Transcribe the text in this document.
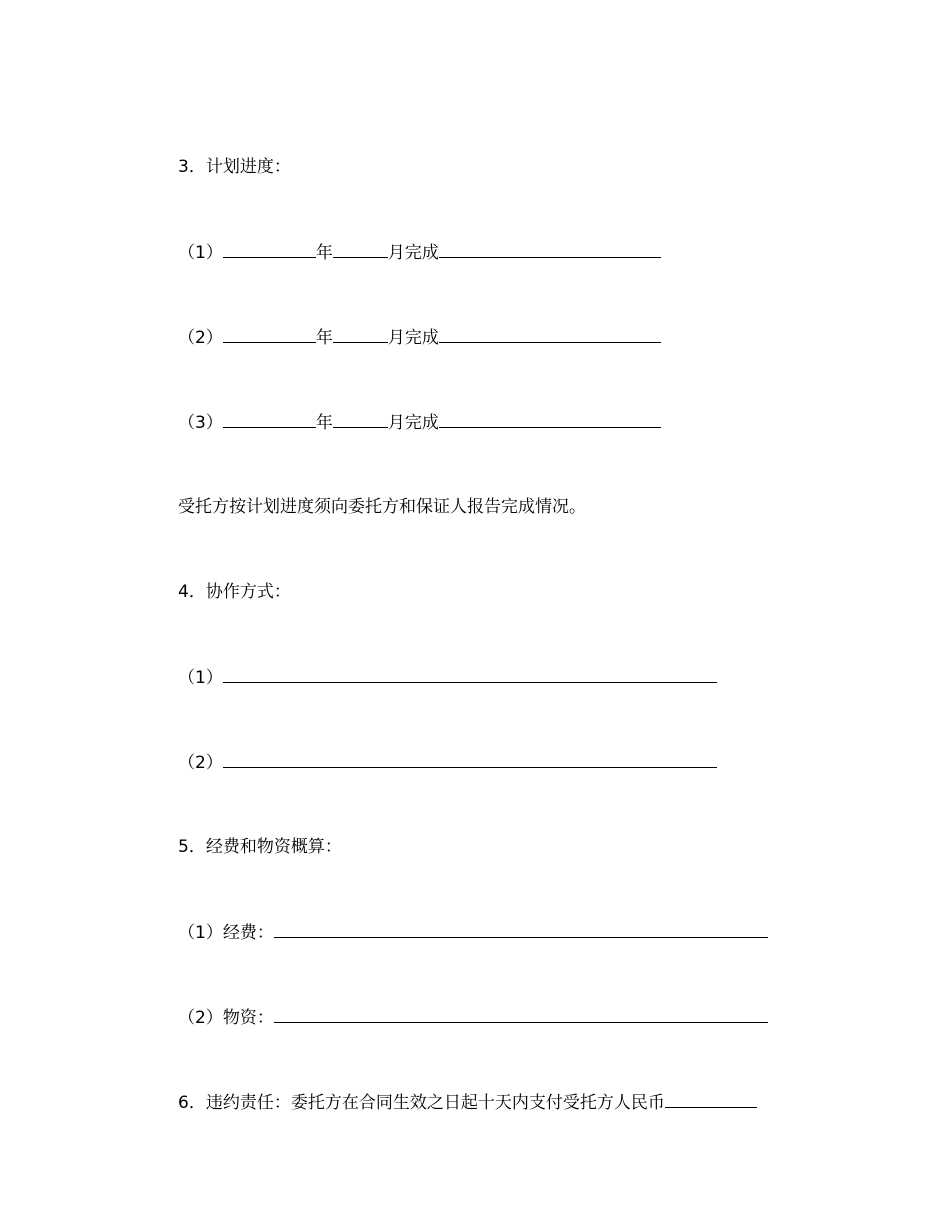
3．计划进度：
（1）	年	月完成
（2）	年	月完成
（3）	年	月完成
受托方按计划进度须向委托方和保证人报告完成情况。
4．协作方式：
（1）
（2）
5．经费和物资概算：
（1）经费：
（2）物资：
6．违约责任：委托方在合同生效之日起十天内支付受托方人民币
